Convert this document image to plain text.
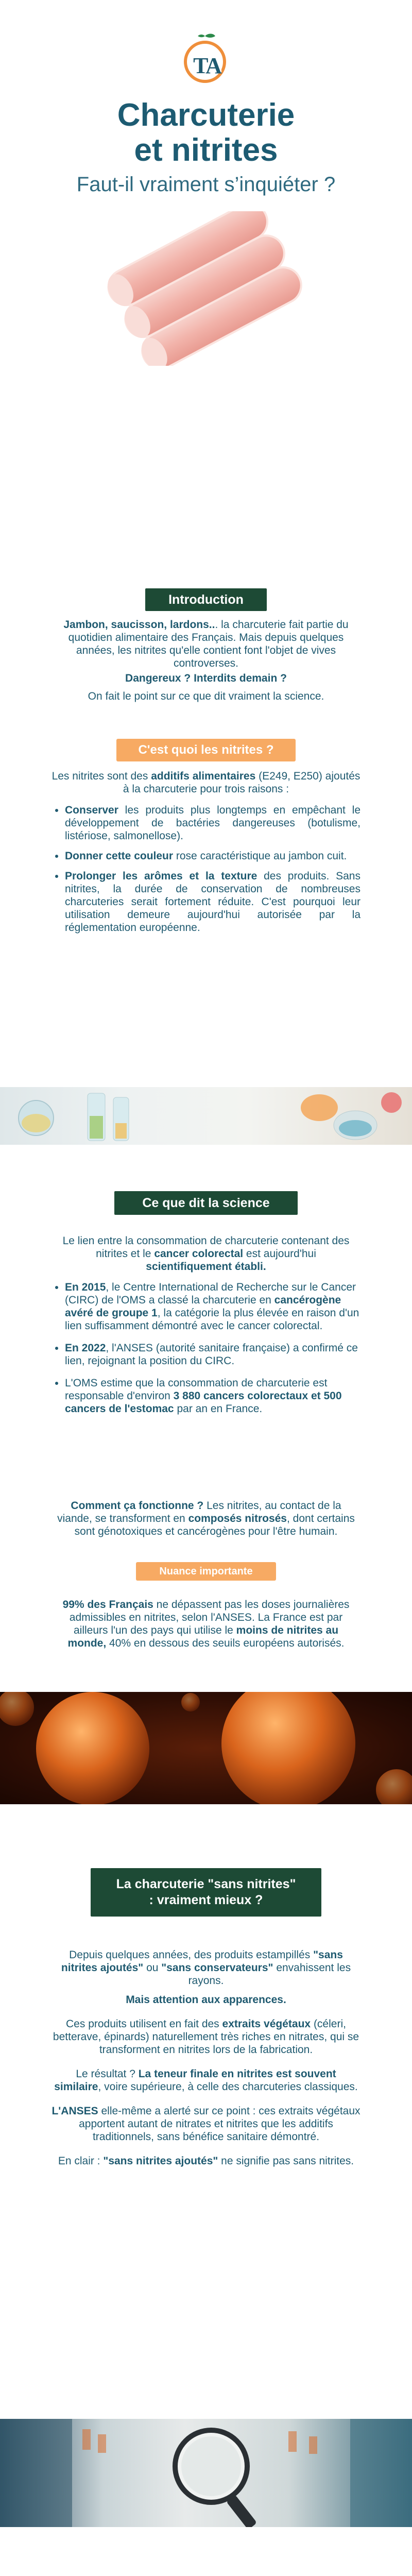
TA
Charcuterie
et nitrites
Faut-il vraiment s’inquiéter ?
Introduction

Jambon, saucisson, lardons... la charcuterie fait partie du quotidien alimentaire des Français. Mais depuis quelques années, les nitrites qu'elle contient font l'objet de vives controverses.

Dangereux ? Interdits demain ?

On fait le point sur ce que dit vraiment la science.

C'est quoi les nitrites ?

Les nitrites sont des additifs alimentaires (E249, E250) ajoutés à la charcuterie pour trois raisons :

• Conserver les produits plus longtemps en empêchant le développement de bactéries dangereuses (botulisme, listériose, salmonellose).
• Donner cette couleur rose caractéristique au jambon cuit.
• Prolonger les arômes et la texture des produits. Sans nitrites, la durée de conservation de nombreuses charcuteries serait fortement réduite. C'est pourquoi leur utilisation demeure aujourd'hui autorisée par la réglementation européenne.
Ce que dit la science

Le lien entre la consommation de charcuterie contenant des nitrites et le cancer colorectal est aujourd'hui scientifiquement établi.

• En 2015, le Centre International de Recherche sur le Cancer (CIRC) de l'OMS a classé la charcuterie en cancérogène avéré de groupe 1, la catégorie la plus élevée en raison d'un lien suffisamment démontré avec le cancer colorectal.
• En 2022, l'ANSES (autorité sanitaire française) a confirmé ce lien, rejoignant la position du CIRC.
• L'OMS estime que la consommation de charcuterie est responsable d'environ 3 880 cancers colorectaux et 500 cancers de l'estomac par an en France.

Comment ça fonctionne ? Les nitrites, au contact de la viande, se transforment en composés nitrosés, dont certains sont génotoxiques et cancérogènes pour l'être humain.

Nuance importante

99% des Français ne dépassent pas les doses journalières admissibles en nitrites, selon l'ANSES. La France est par ailleurs l'un des pays qui utilise le moins de nitrites au monde, 40% en dessous des seuils européens autorisés.

La charcuterie "sans nitrites"
: vraiment mieux ?

Depuis quelques années, des produits estampillés "sans nitrites ajoutés" ou "sans conservateurs" envahissent les rayons.

Mais attention aux apparences.

Ces produits utilisent en fait des extraits végétaux (céleri, betterave, épinards) naturellement très riches en nitrates, qui se transforment en nitrites lors de la fabrication.

Le résultat ? La teneur finale en nitrites est souvent similaire, voire supérieure, à celle des charcuteries classiques.

L'ANSES elle-même a alerté sur ce point : ces extraits végétaux apportent autant de nitrates et nitrites que les additifs traditionnels, sans bénéfice sanitaire démontré.

En clair : "sans nitrites ajoutés" ne signifie pas sans nitrites.
